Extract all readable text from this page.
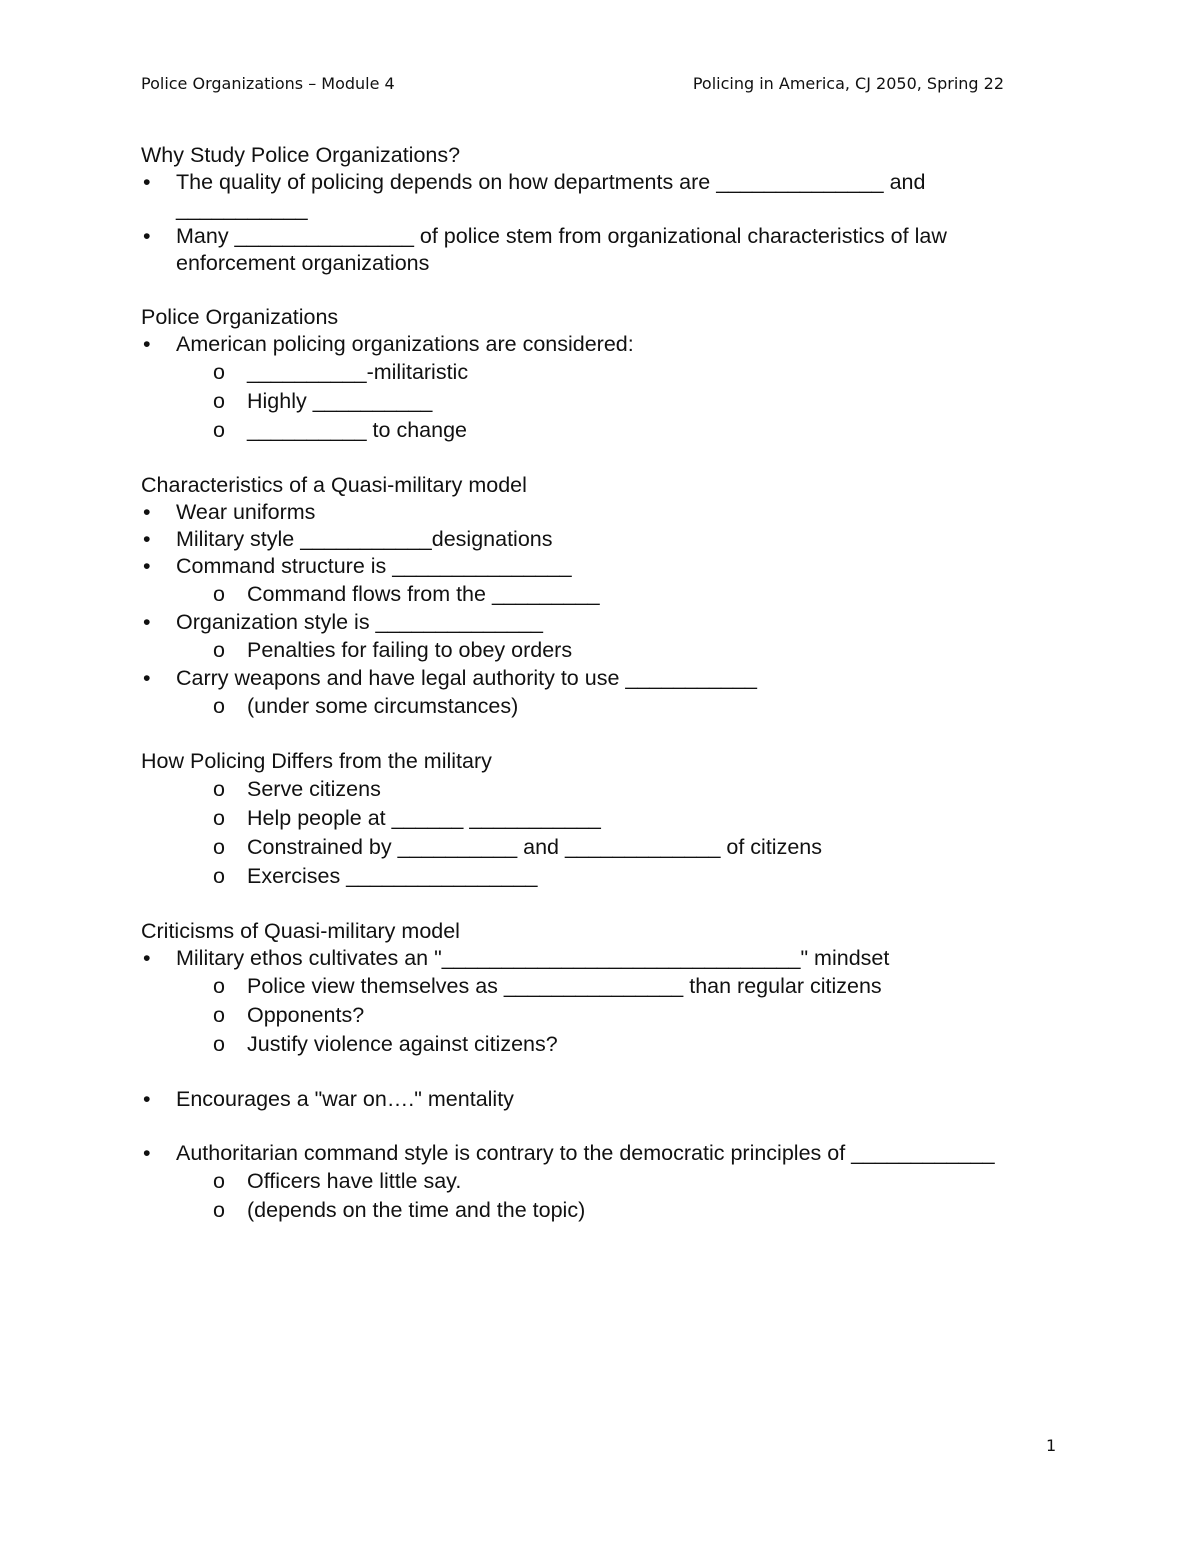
Police Organizations – Module 4	Policing in America, CJ 2050, Spring 22
Why Study Police Organizations?
• The quality of policing depends on how departments are ______________ and ___________
• Many _______________ of police stem from organizational characteristics of law enforcement organizations
Police Organizations
• American policing organizations are considered:
o __________-militaristic
o Highly __________
o __________ to change
Characteristics of a Quasi-military model
• Wear uniforms
• Military style ___________designations
• Command structure is _______________
o Command flows from the _________
• Organization style is ______________
o Penalties for failing to obey orders
• Carry weapons and have legal authority to use ___________
o (under some circumstances)
How Policing Differs from the military
o Serve citizens
o Help people at ______ ___________
o Constrained by __________ and _____________ of citizens
o Exercises ________________
Criticisms of Quasi-military model
• Military ethos cultivates an "______________________________" mindset
o Police view themselves as _______________ than regular citizens
o Opponents?
o Justify violence against citizens?
• Encourages a "war on…." mentality
• Authoritarian command style is contrary to the democratic principles of ____________
o Officers have little say.
o (depends on the time and the topic)
1
